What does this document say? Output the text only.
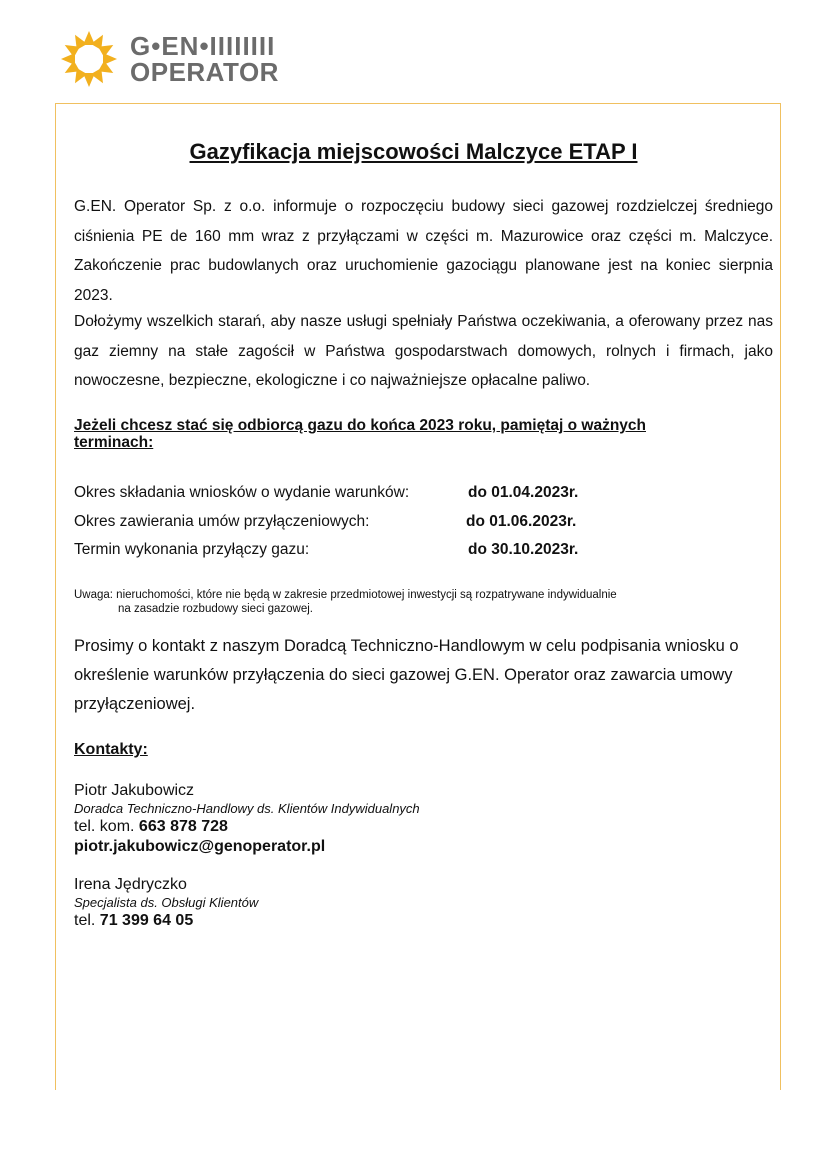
G•EN•IIIIIIII
OPERATOR
Gazyfikacja miejscowości Malczyce ETAP I

G.EN. Operator Sp. z o.o. informuje o rozpoczęciu budowy sieci gazowej rozdzielczej średniego ciśnienia PE de 160 mm wraz z przyłączami w części m. Mazurowice oraz części m. Malczyce. Zakończenie prac budowlanych oraz uruchomienie gazociągu planowane jest na koniec sierpnia 2023.

Dołożymy wszelkich starań, aby nasze usługi spełniały Państwa oczekiwania, a oferowany przez nas gaz ziemny na stałe zagościł w Państwa gospodarstwach domowych, rolnych i firmach, jako nowoczesne, bezpieczne, ekologiczne i co najważniejsze opłacalne paliwo.

Jeżeli chcesz stać się odbiorcą gazu do końca 2023 roku, pamiętaj o ważnych terminach:

Okres składania wniosków o wydanie warunków:	do 01.04.2023r.
Okres zawierania umów przyłączeniowych:	do 01.06.2023r.
Termin wykonania przyłączy gazu:	do 30.10.2023r.

Uwaga: nieruchomości, które nie będą w zakresie przedmiotowej inwestycji są rozpatrywane indywidualnie
na zasadzie rozbudowy sieci gazowej.

Prosimy o kontakt z naszym Doradcą Techniczno-Handlowym w celu podpisania wniosku o określenie warunków przyłączenia do sieci gazowej G.EN. Operator oraz zawarcia umowy przyłączeniowej.

Kontakty:
Piotr Jakubowicz
Doradca Techniczno-Handlowy ds. Klientów Indywidualnych
tel. kom. 663 878 728
piotr.jakubowicz@genoperator.pl
Irena Jędryczko
Specjalista ds. Obsługi Klientów
tel. 71 399 64 05
